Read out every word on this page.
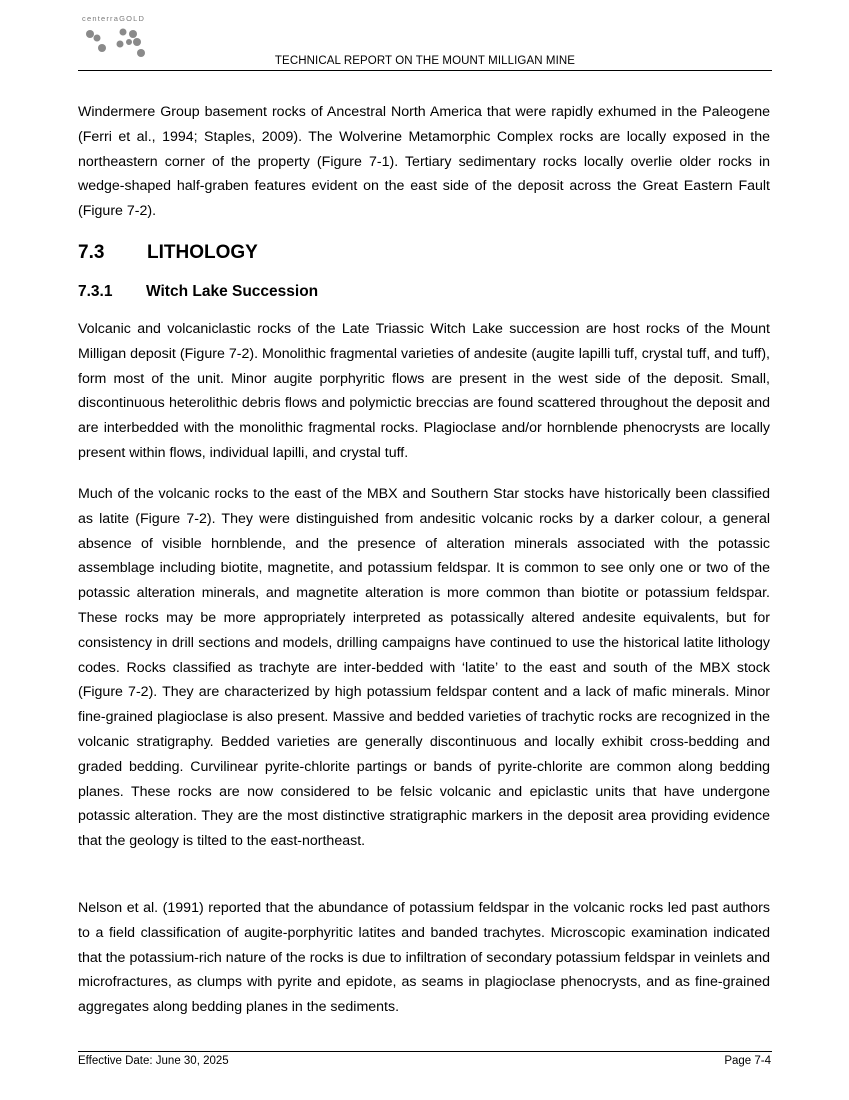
centerraGOLD
TECHNICAL REPORT ON THE MOUNT MILLIGAN MINE

Windermere Group basement rocks of Ancestral North America that were rapidly exhumed in the Paleogene (Ferri et al., 1994; Staples, 2009). The Wolverine Metamorphic Complex rocks are locally exposed in the northeastern corner of the property (Figure 7-1). Tertiary sedimentary rocks locally overlie older rocks in wedge-shaped half-graben features evident on the east side of the deposit across the Great Eastern Fault (Figure 7-2).

7.3 LITHOLOGY
7.3.1 Witch Lake Succession

Volcanic and volcaniclastic rocks of the Late Triassic Witch Lake succession are host rocks of the Mount Milligan deposit (Figure 7-2). Monolithic fragmental varieties of andesite (augite lapilli tuff, crystal tuff, and tuff), form most of the unit. Minor augite porphyritic flows are present in the west side of the deposit. Small, discontinuous heterolithic debris flows and polymictic breccias are found scattered throughout the deposit and are interbedded with the monolithic fragmental rocks. Plagioclase and/or hornblende phenocrysts are locally present within flows, individual lapilli, and crystal tuff.

Much of the volcanic rocks to the east of the MBX and Southern Star stocks have historically been classified as latite (Figure 7-2). They were distinguished from andesitic volcanic rocks by a darker colour, a general absence of visible hornblende, and the presence of alteration minerals associated with the potassic assemblage including biotite, magnetite, and potassium feldspar. It is common to see only one or two of the potassic alteration minerals, and magnetite alteration is more common than biotite or potassium feldspar. These rocks may be more appropriately interpreted as potassically altered andesite equivalents, but for consistency in drill sections and models, drilling campaigns have continued to use the historical latite lithology codes. Rocks classified as trachyte are inter-bedded with ‘latite’ to the east and south of the MBX stock (Figure 7-2). They are characterized by high potassium feldspar content and a lack of mafic minerals. Minor fine-grained plagioclase is also present. Massive and bedded varieties of trachytic rocks are recognized in the volcanic stratigraphy. Bedded varieties are generally discontinuous and locally exhibit cross-bedding and graded bedding. Curvilinear pyrite-chlorite partings or bands of pyrite-chlorite are common along bedding planes. These rocks are now considered to be felsic volcanic and epiclastic units that have undergone potassic alteration. They are the most distinctive stratigraphic markers in the deposit area providing evidence that the geology is tilted to the east-northeast.

Nelson et al. (1991) reported that the abundance of potassium feldspar in the volcanic rocks led past authors to a field classification of augite-porphyritic latites and banded trachytes. Microscopic examination indicated that the potassium-rich nature of the rocks is due to infiltration of secondary potassium feldspar in veinlets and microfractures, as clumps with pyrite and epidote, as seams in plagioclase phenocrysts, and as fine-grained aggregates along bedding planes in the sediments.

Effective Date: June 30, 2025	Page 7-4
